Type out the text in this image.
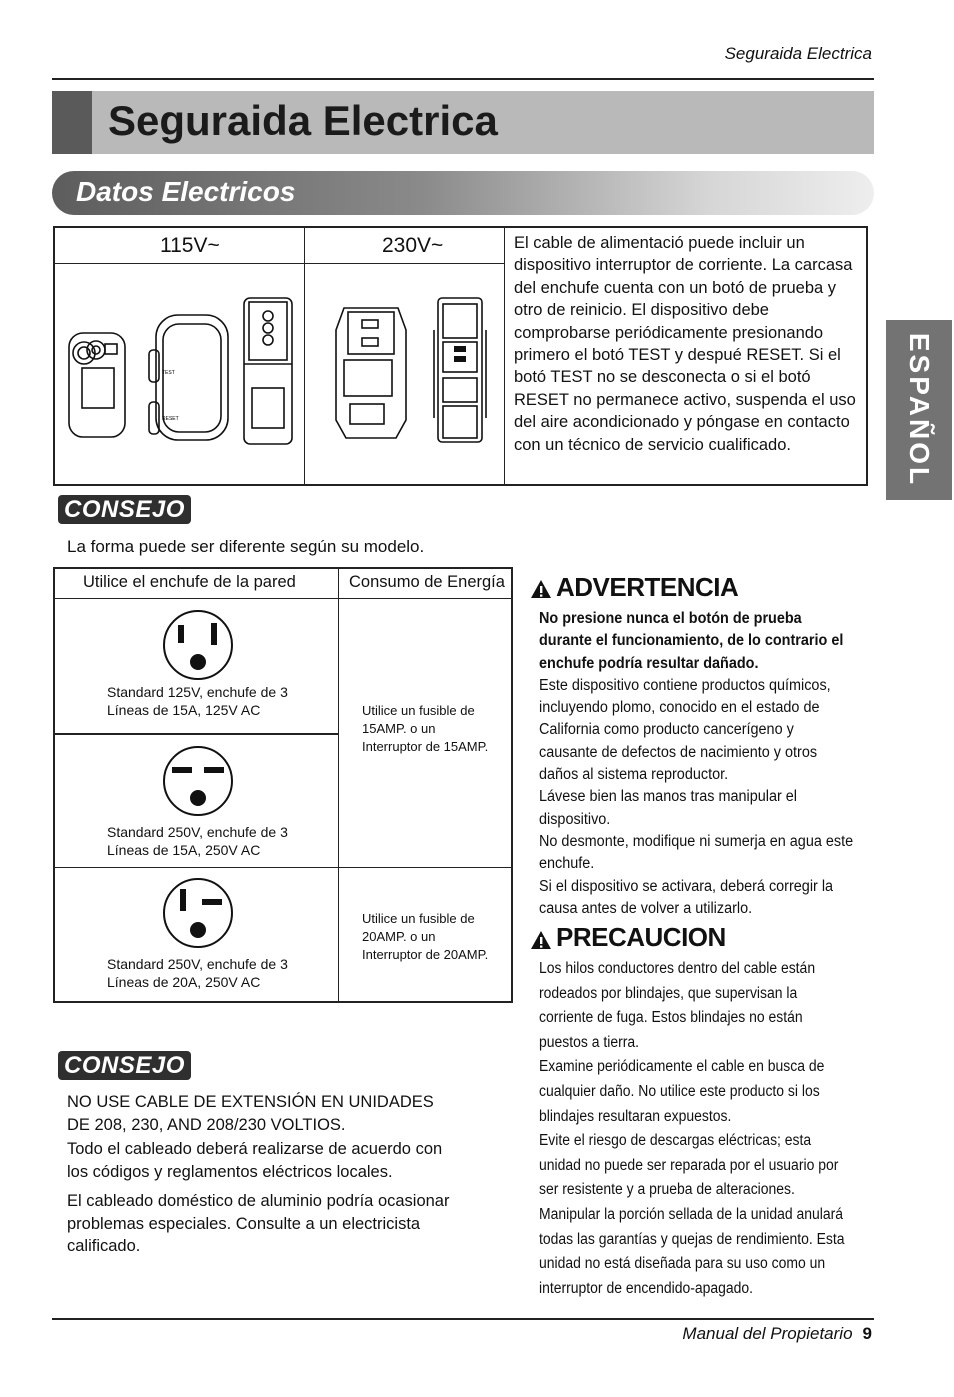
Seguraida Electrica
Seguraida Electrica
Datos Electricos
ESPAÑOL
115V~	230V~
TEST
RESET
El cable de alimentació puede incluir un dispositivo interruptor de corriente. La carcasa del enchufe cuenta con un botó de prueba y otro de reinicio. El dispositivo debe comprobarse periódicamente presionando primero el botó TEST y despué RESET. Si el botó TEST no se desconecta o si el botó RESET no permanece activo, suspenda el uso del aire acondicionado y póngase en contacto con un técnico de servicio cualificado.
CONSEJO
La forma puede ser diferente según su modelo.
Utilice el enchufe de la pared	Consumo de Energía
Standard 125V, enchufe de 3
Líneas de 15A, 125V AC
Standard 250V, enchufe de 3
Líneas de 15A, 250V AC
Standard 250V, enchufe de 3
Líneas de 20A, 250V AC
Utilice un fusible de
15AMP. o un
Interruptor de 15AMP.
Utilice un fusible de
20AMP. o un
Interruptor de 20AMP.
ADVERTENCIA
No presione nunca el botón de prueba durante el funcionamiento, de lo contrario el enchufe podría resultar dañado.
Este dispositivo contiene productos químicos, incluyendo plomo, conocido en el estado de California como producto cancerígeno y causante de defectos de nacimiento y otros daños al sistema reproductor.
Lávese bien las manos tras manipular el dispositivo.
No desmonte, modifique ni sumerja en agua este enchufe.
Si el dispositivo se activara, deberá corregir la causa antes de volver a utilizarlo.
PRECAUCION
Los hilos conductores dentro del cable están rodeados por blindajes, que supervisan la corriente de fuga. Estos blindajes no están puestos a tierra.
Examine periódicamente el cable en busca de cualquier daño. No utilice este producto si los blindajes resultaran expuestos.
Evite el riesgo de descargas eléctricas; esta unidad no puede ser reparada por el usuario por ser resistente y a prueba de alteraciones. Manipular la porción sellada de la unidad anulará todas las garantías y quejas de rendimiento. Esta unidad no está diseñada para su uso como un interruptor de encendido-apagado.
CONSEJO
NO USE CABLE DE EXTENSIÓN EN UNIDADES
DE 208, 230, AND 208/230 VOLTIOS.
Todo el cableado deberá realizarse de acuerdo con los códigos y reglamentos eléctricos locales.
El cableado doméstico de aluminio podría ocasionar problemas especiales. Consulte a un electricista calificado.
Manual del Propietario 9
